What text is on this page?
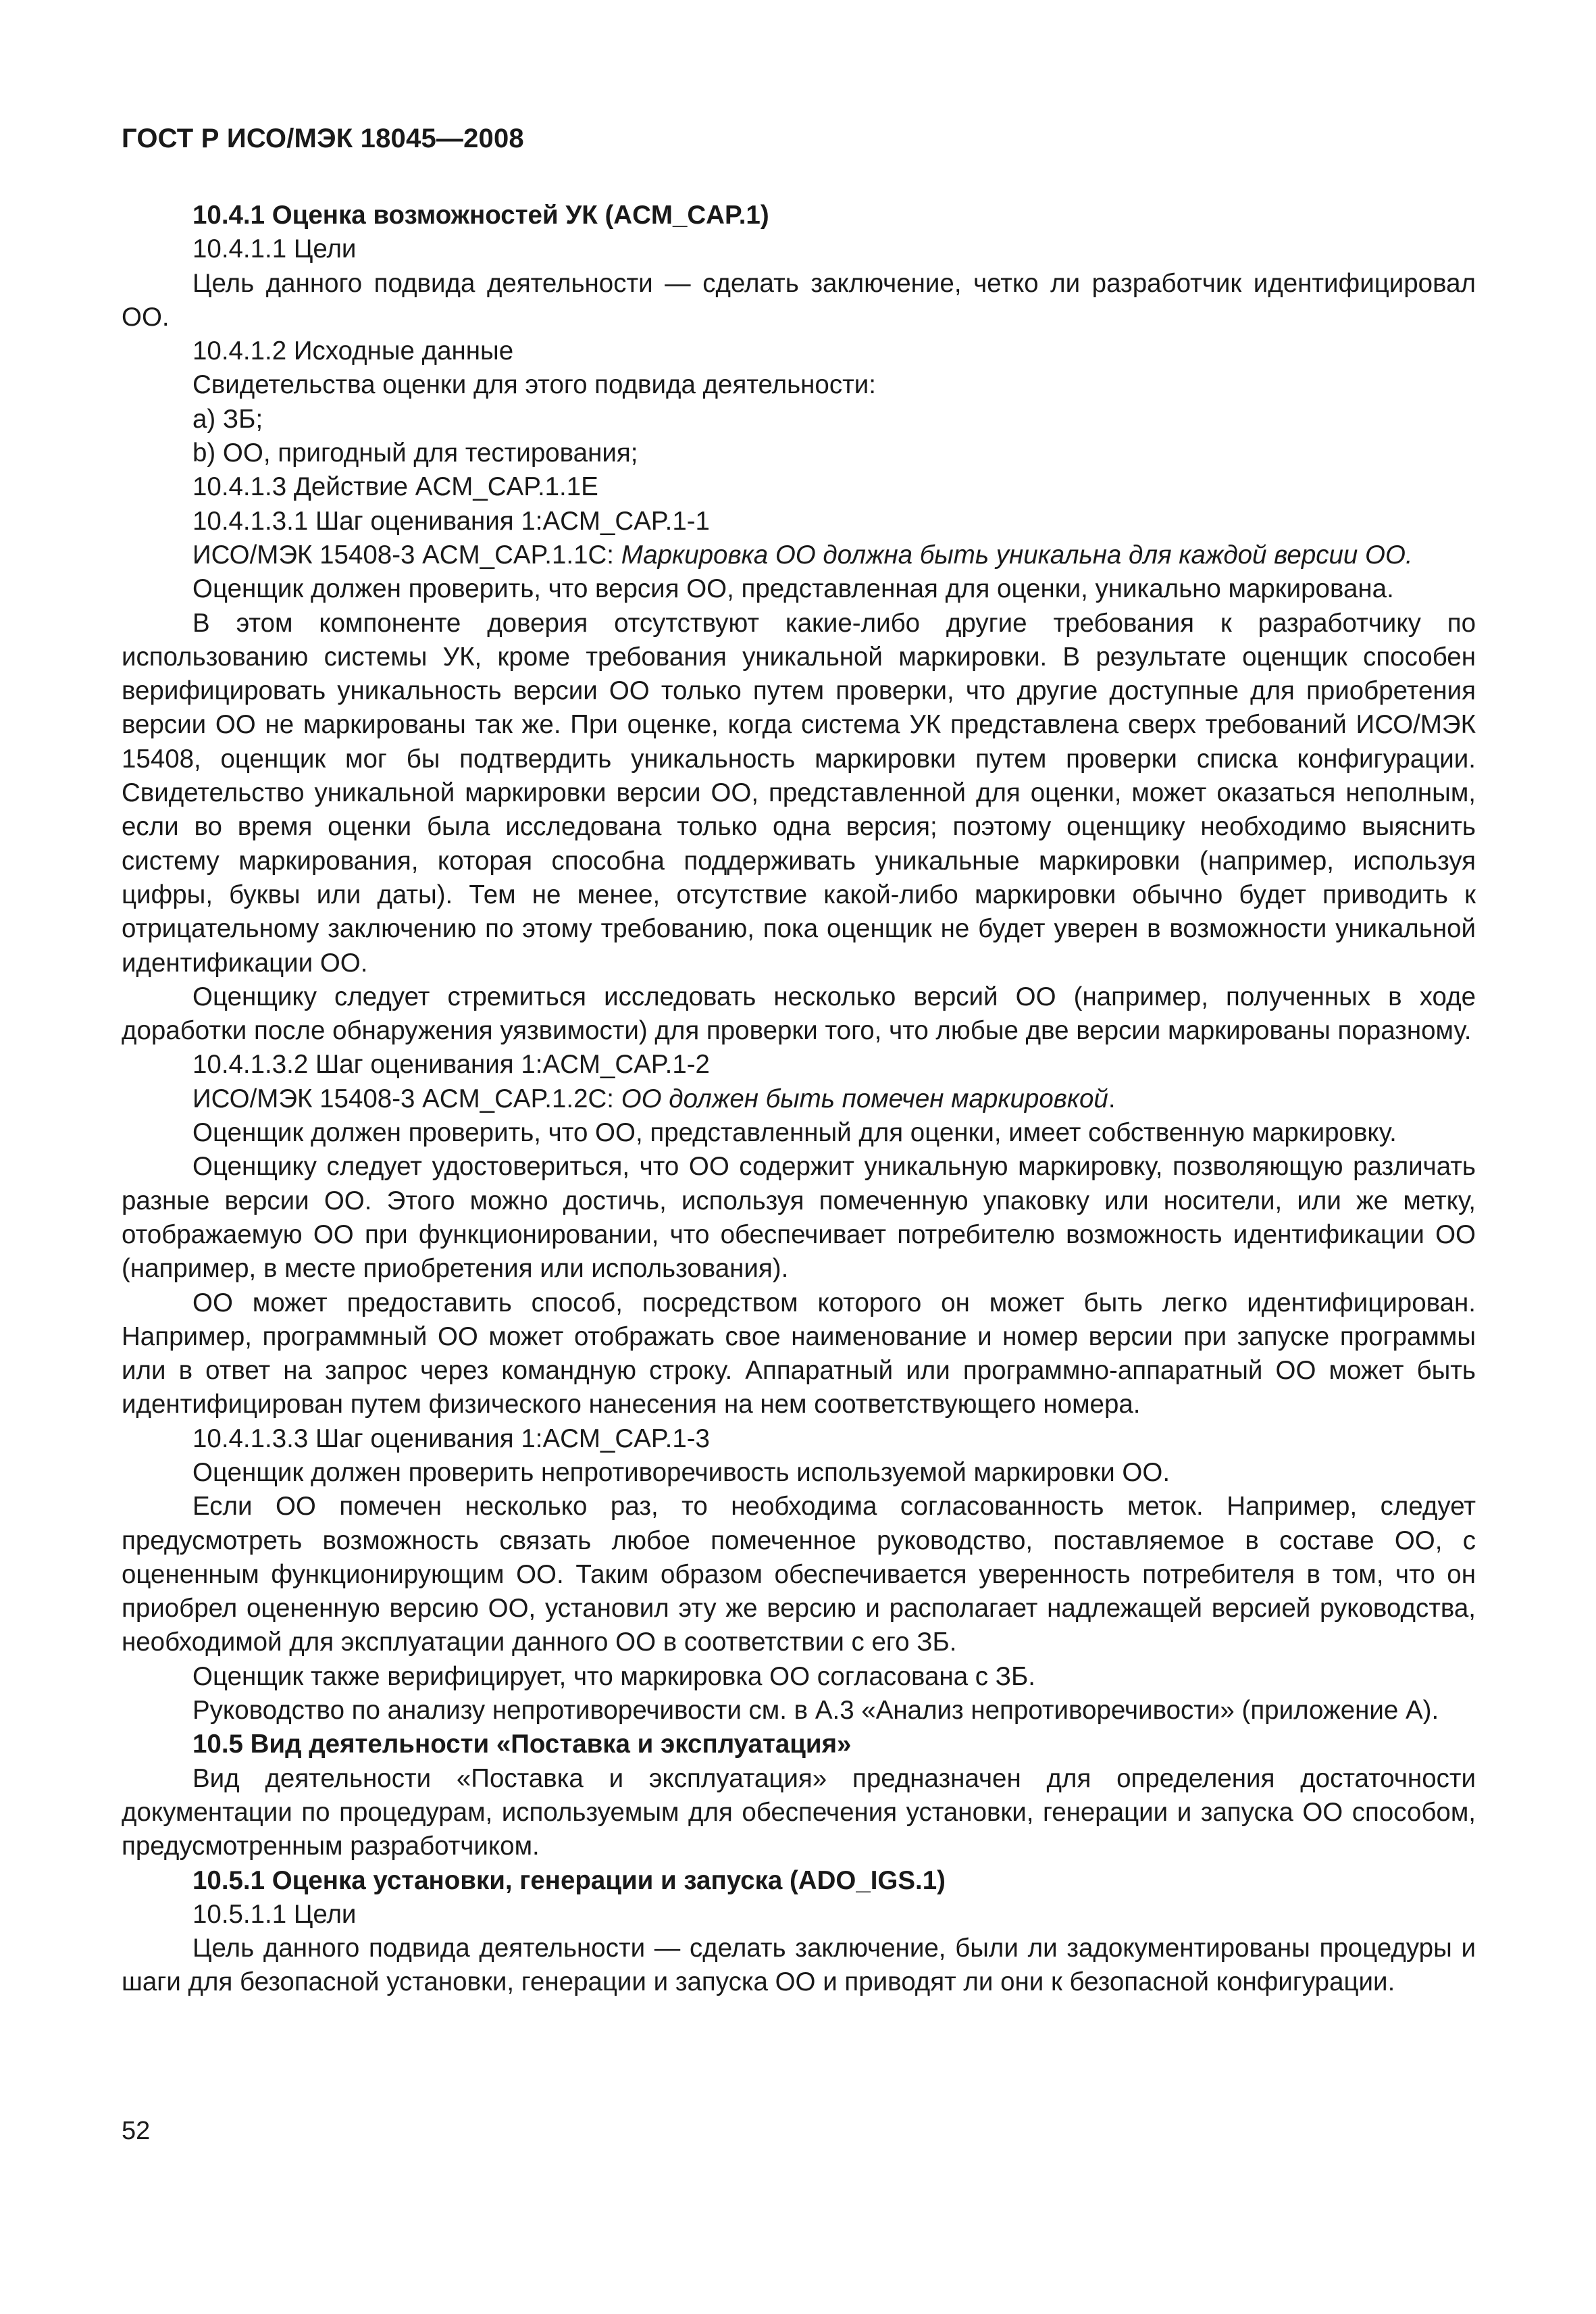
ГОСТ Р ИСО/МЭК 18045—2008

10.4.1 Оценка возможностей УК (ACM_CAP.1)

10.4.1.1 Цели

Цель данного подвида деятельности — сделать заключение, четко ли разработчик идентифицировал ОО.

10.4.1.2 Исходные данные

Свидетельства оценки для этого подвида деятельности:

a) ЗБ;

b) ОО, пригодный для тестирования;

10.4.1.3 Действие ACM_CAP.1.1E

10.4.1.3.1 Шаг оценивания 1:ACM_CAP.1-1

ИСО/МЭК 15408-3 ACM_CAP.1.1C: Маркировка ОО должна быть уникальна для каждой версии ОО.

Оценщик должен проверить, что версия ОО, представленная для оценки, уникально маркирована.

В этом компоненте доверия отсутствуют какие-либо другие требования к разработчику по использованию системы УК, кроме требования уникальной маркировки. В результате оценщик способен верифицировать уникальность версии ОО только путем проверки, что другие доступные для приобретения версии ОО не маркированы так же. При оценке, когда система УК представлена сверх требований ИСО/МЭК 15408, оценщик мог бы подтвердить уникальность маркировки путем проверки списка конфигурации. Свидетельство уникальной маркировки версии ОО, представленной для оценки, может оказаться неполным, если во время оценки была исследована только одна версия; поэтому оценщику необходимо выяснить систему маркирования, которая способна поддерживать уникальные маркировки (например, используя цифры, буквы или даты). Тем не менее, отсутствие какой-либо маркировки обычно будет приводить к отрицательному заключению по этому требованию, пока оценщик не будет уверен в возможности уникальной идентификации ОО.

Оценщику следует стремиться исследовать несколько версий ОО (например, полученных в ходе доработки после обнаружения уязвимости) для проверки того, что любые две версии маркированы поразному.

10.4.1.3.2 Шаг оценивания 1:ACM_CAP.1-2

ИСО/МЭК 15408-3 ACM_CAP.1.2C: ОО должен быть помечен маркировкой.

Оценщик должен проверить, что ОО, представленный для оценки, имеет собственную маркировку.

Оценщику следует удостовериться, что ОО содержит уникальную маркировку, позволяющую различать разные версии ОО. Этого можно достичь, используя помеченную упаковку или носители, или же метку, отображаемую ОО при функционировании, что обеспечивает потребителю возможность идентификации ОО (например, в месте приобретения или использования).

ОО может предоставить способ, посредством которого он может быть легко идентифицирован. Например, программный ОО может отображать свое наименование и номер версии при запуске программы или в ответ на запрос через командную строку. Аппаратный или программно-аппаратный ОО может быть идентифицирован путем физического нанесения на нем соответствующего номера.

10.4.1.3.3 Шаг оценивания 1:ACM_CAP.1-3

Оценщик должен проверить непротиворечивость используемой маркировки ОО.

Если ОО помечен несколько раз, то необходима согласованность меток. Например, следует предусмотреть возможность связать любое помеченное руководство, поставляемое в составе ОО, с оцененным функционирующим ОО. Таким образом обеспечивается уверенность потребителя в том, что он приобрел оцененную версию ОО, установил эту же версию и располагает надлежащей версией руководства, необходимой для эксплуатации данного ОО в соответствии с его ЗБ.

Оценщик также верифицирует, что маркировка ОО согласована с ЗБ.

Руководство по анализу непротиворечивости см. в А.3 «Анализ непротиворечивости» (приложение А).

10.5 Вид деятельности «Поставка и эксплуатация»

Вид деятельности «Поставка и эксплуатация» предназначен для определения достаточности документации по процедурам, используемым для обеспечения установки, генерации и запуска ОО способом, предусмотренным разработчиком.

10.5.1 Оценка установки, генерации и запуска (ADO_IGS.1)

10.5.1.1 Цели

Цель данного подвида деятельности — сделать заключение, были ли задокументированы процедуры и шаги для безопасной установки, генерации и запуска ОО и приводят ли они к безопасной конфигурации.

52
